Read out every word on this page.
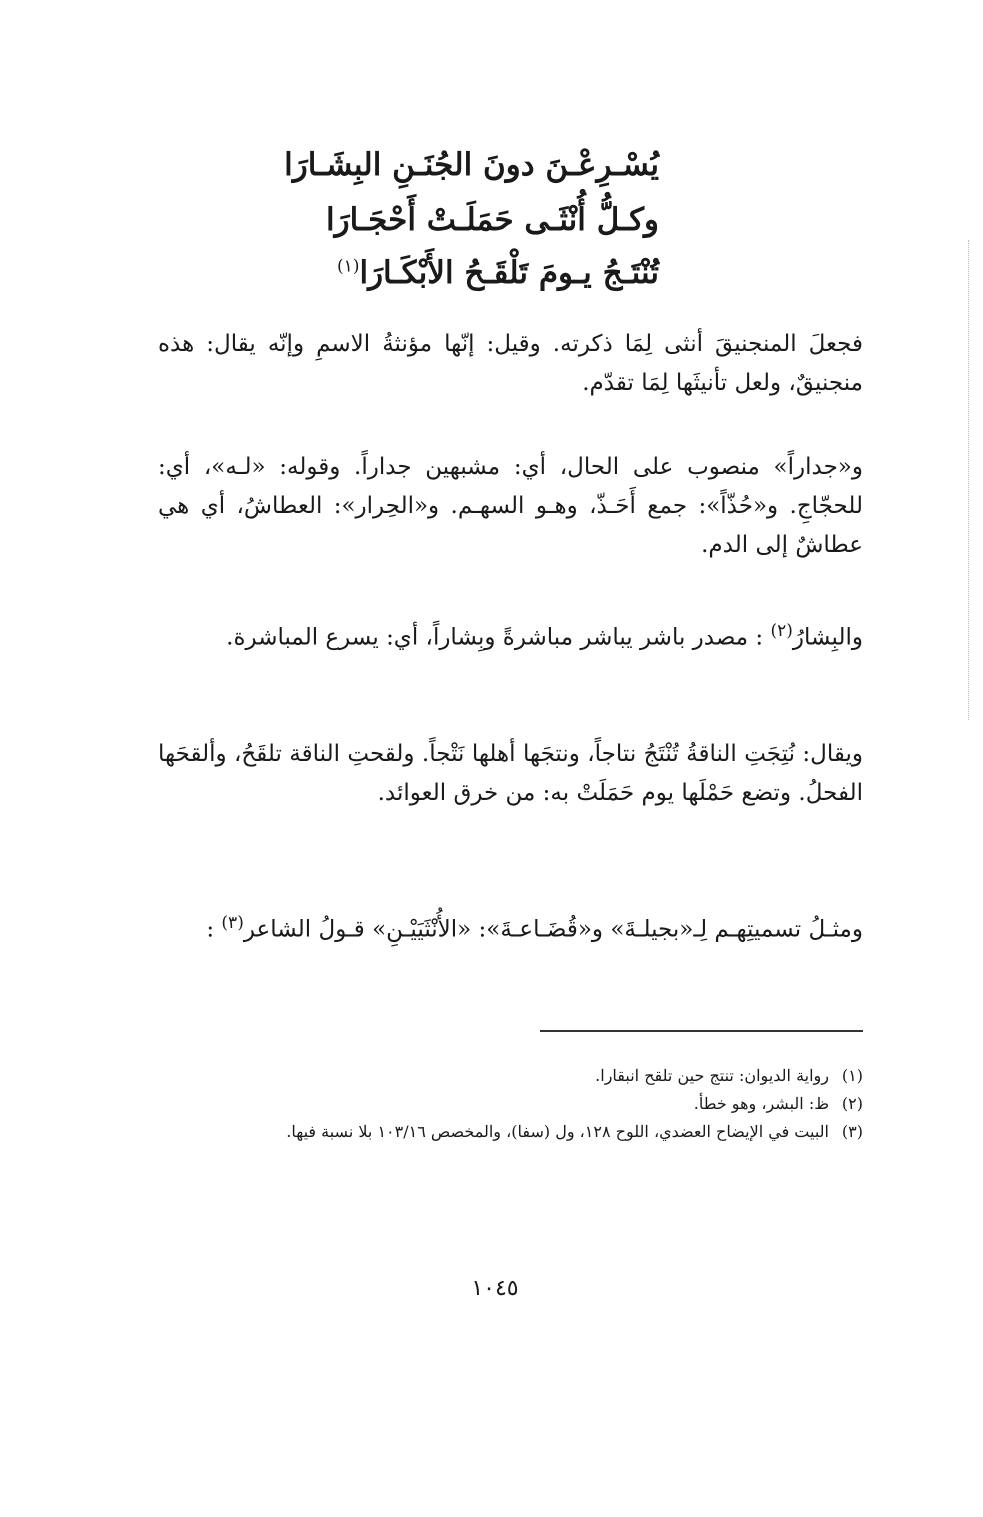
يُسْـرِعْـنَ دونَ الجُنَـنِ البِشَـارَا
وكـلُّ أُنْثَـى حَمَلَـتْ أَحْجَـارَا
تُنْتَـجُ يـومَ تَلْقَـحُ الأَبْكَـارَا$^{(١)}$

فجعلَ المنجنيقَ أنثى لِمَا ذكرته. وقيل: إنّها مؤنثةُ الاسمِ وإنّه يقال: هذه منجنيقٌ، ولعل تأنيثَها لِمَا تقدّم.

و«جداراً» منصوب على الحال، أي: مشبهين جداراً. وقوله: «لـه»، أي: للحجّاجِ. و«حُذّاً»: جمع أَحَـذّ، وهـو السهـم. و«الحِرار»: العطاشُ، أي هي عطاشٌ إلى الدم.

والبِشارُ$^{(٢)}$ : مصدر باشر يباشر مباشرةً وبِشاراً، أي: يسرع المباشرة.

ويقال: نُتِجَتِ الناقةُ تُنْتَجُ نتاجاً، ونتجَها أهلها نَتْجاً. ولقحتِ الناقة تلقَحُ، وألقحَها الفحلُ. وتضع حَمْلَها يوم حَمَلَتْ به: من خرق العوائد.

ومثـلُ تسميتِهـم لِـ«بجيلـةَ» و«قُضَـاعـةَ»: «الأُنْثَيَيْـنِ» قـولُ الشاعر$^{(٣)}$ :

(١)
رواية الديوان: تنتج حين تلقح انبقارا.
(٢)
ظ: البشر، وهو خطأ.
(٣)
البيت في الإيضاح العضدي، اللوح ١٢٨، ول (سفا)، والمخصص ١٠٣/١٦ بلا نسبة فيها.
١٠٤٥
